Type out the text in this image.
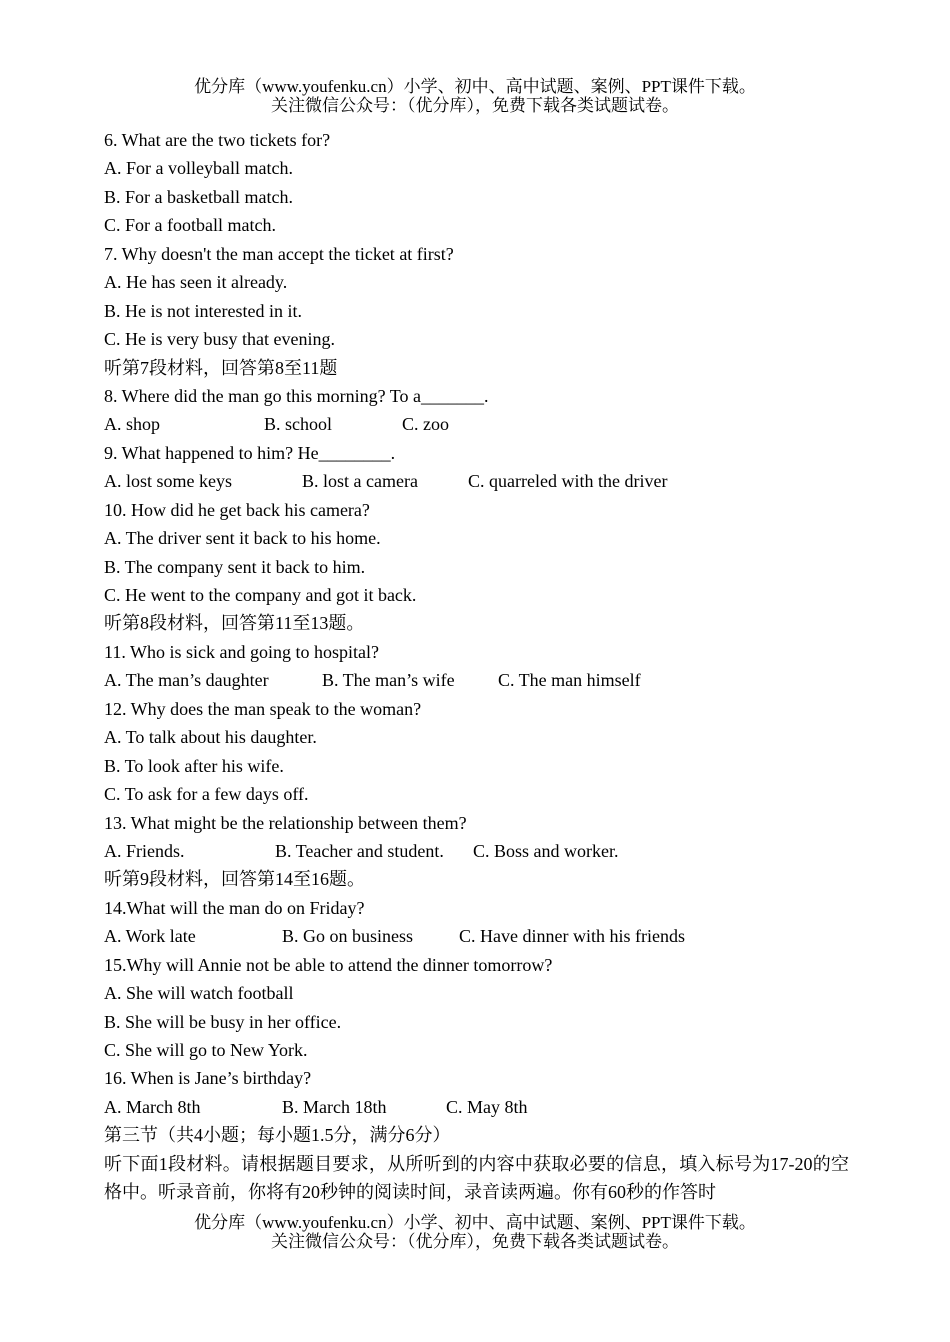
优分库（www.youfenku.cn）小学、初中、高中试题、案例、PPT课件下载。
关注微信公众号：（优分库），免费下载各类试题试卷。
6. What are the two tickets for?
A. For a volleyball match.
B. For a basketball match.
C. For a football match.
7. Why doesn't the man accept the ticket at first?
A. He has seen it already.
B. He is not interested in it.
C. He is very busy that evening.
听第7段材料，回答第8至11题
8. Where did the man go this morning? To a_______.
A. shop	B. school	C. zoo
9. What happened to him? He________.
A. lost some keys	B. lost a camera	C. quarreled with the driver
10. How did he get back his camera?
A. The driver sent it back to his home.
B. The company sent it back to him.
C. He went to the company and got it back.
听第8段材料，回答第11至13题。
11. Who is sick and going to hospital?
A. The man’s daughter	B. The man’s wife	C. The man himself
12. Why does the man speak to the woman?
A. To talk about his daughter.
B. To look after his wife.
C. To ask for a few days off.
13. What might be the relationship between them?
A. Friends.	B. Teacher and student.	C. Boss and worker.
听第9段材料，回答第14至16题。
14.What will the man do on Friday?
A. Work late	B. Go on business	C. Have dinner with his friends
15.Why will Annie not be able to attend the dinner tomorrow?
A. She will watch football
B. She will be busy in her office.
C. She will go to New York.
16. When is Jane’s birthday?
A. March 8th	B. March 18th	C. May 8th
第三节（共4小题；每小题1.5分，满分6分）
听下面1段材料。请根据题目要求，从所听到的内容中获取必要的信息，填入标号为17-20的空格中。听录音前，你将有20秒钟的阅读时间，录音读两遍。你有60秒的作答时
优分库（www.youfenku.cn）小学、初中、高中试题、案例、PPT课件下载。
关注微信公众号：（优分库），免费下载各类试题试卷。
